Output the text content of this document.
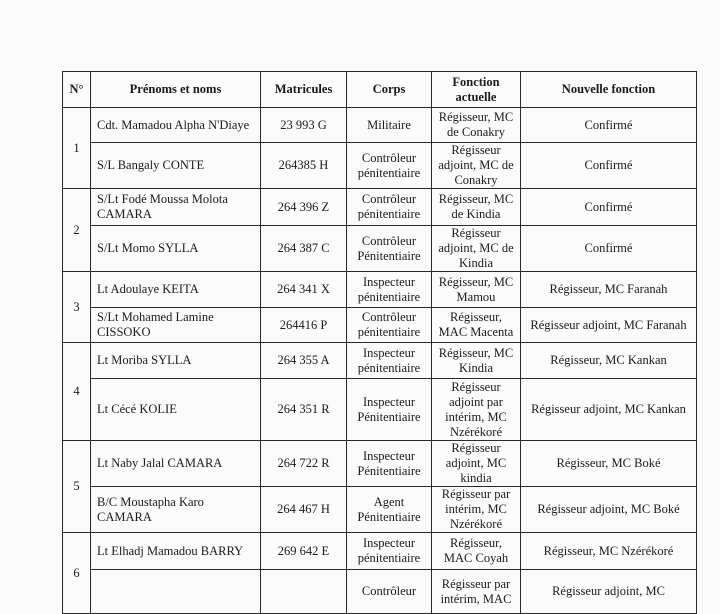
N°	Prénoms et noms	Matricules	Corps	Fonction actuelle	Nouvelle fonction
1	Cdt. Mamadou Alpha N'Diaye	23 993 G	Militaire	Régisseur, MC de Conakry	Confirmé
	S/L Bangaly CONTE	264385 H	Contrôleur pénitentiaire	Régisseur adjoint, MC de Conakry	Confirmé
2	S/Lt Fodé Moussa Molota CAMARA	264 396 Z	Contrôleur pénitentiaire	Régisseur, MC de Kindia	Confirmé
	S/Lt Momo SYLLA	264 387 C	Contrôleur Pénitentiaire	Régisseur adjoint, MC de Kindia	Confirmé
3	Lt Adoulaye KEITA	264 341 X	Inspecteur pénitentiaire	Régisseur, MC Mamou	Régisseur, MC Faranah
	S/Lt Mohamed Lamine CISSOKO	264416 P	Contrôleur pénitentiaire	Régisseur, MAC Macenta	Régisseur adjoint, MC Faranah
4	Lt Moriba SYLLA	264 355 A	Inspecteur pénitentiaire	Régisseur, MC Kindia	Régisseur, MC Kankan
	Lt Cécé KOLIE	264 351 R	Inspecteur Pénitentiaire	Régisseur adjoint par intérim, MC Nzérékoré	Régisseur adjoint, MC Kankan
5	Lt Naby Jalal CAMARA	264 722 R	Inspecteur Pénitentiaire	Régisseur adjoint, MC kindia	Régisseur, MC Boké
	B/C Moustapha Karo CAMARA	264 467 H	Agent Pénitentiaire	Régisseur par intérim, MC Nzérékoré	Régisseur adjoint, MC Boké
6	Lt Elhadj Mamadou BARRY	269 642 E	Inspecteur pénitentiaire	Régisseur, MAC Coyah	Régisseur, MC Nzérékoré
			Contrôleur	Régisseur par intérim, MAC	Régisseur adjoint, MC
